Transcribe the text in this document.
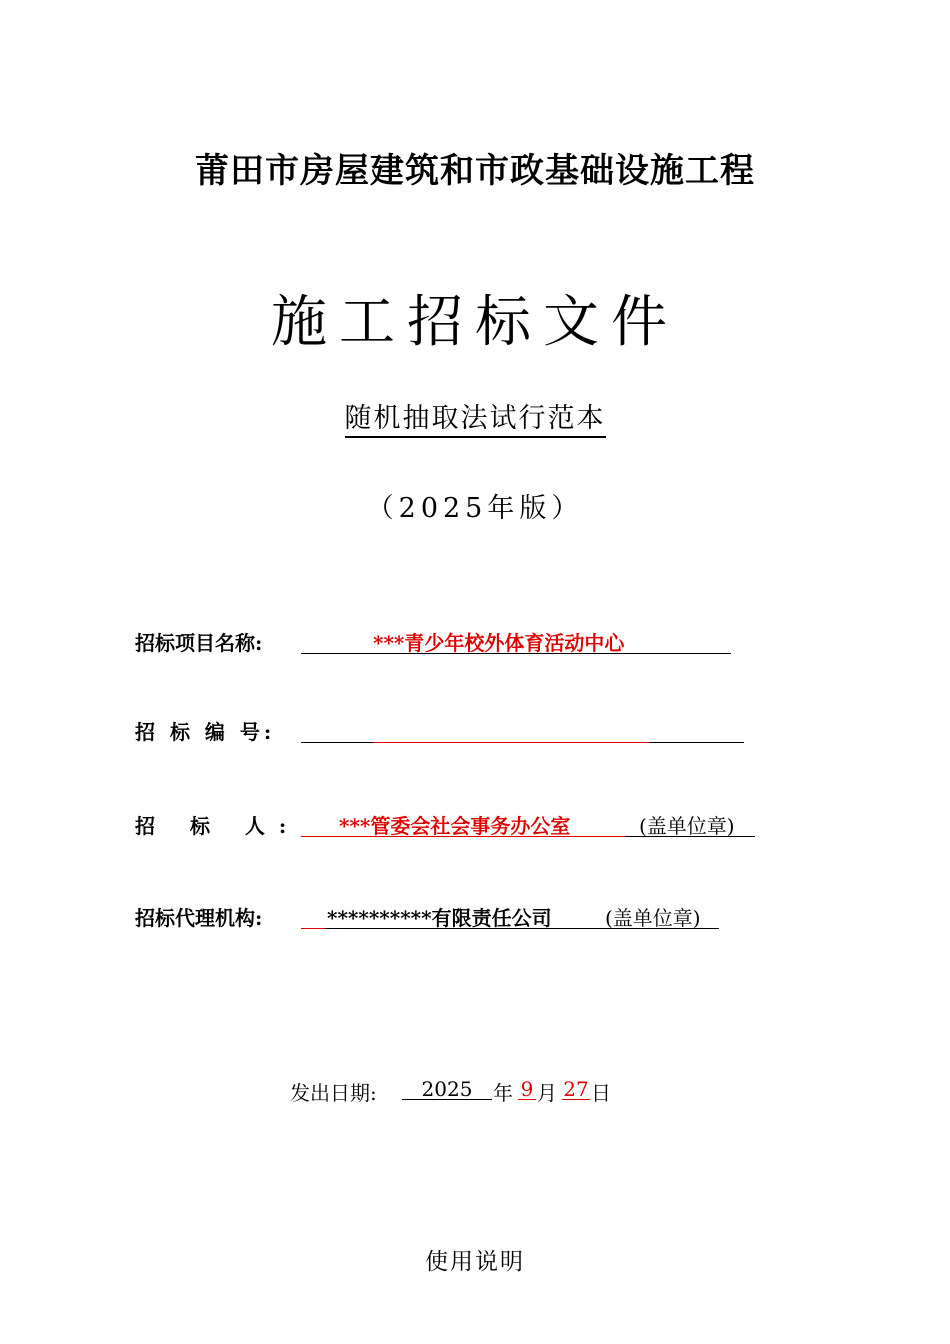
莆田市房屋建筑和市政基础设施工程
施工招标文件
随机抽取法试行范本
（2025年版）
招标项目名称:	***青少年校外体育活动中心
招 标 编 号:
招 标 人: ***管委会社会事务办公室	(盖单位章)
招标代理机构:	**********有限责任公司	(盖单位章)
发出日期:	2025	年 9 月 27 日
使用说明
